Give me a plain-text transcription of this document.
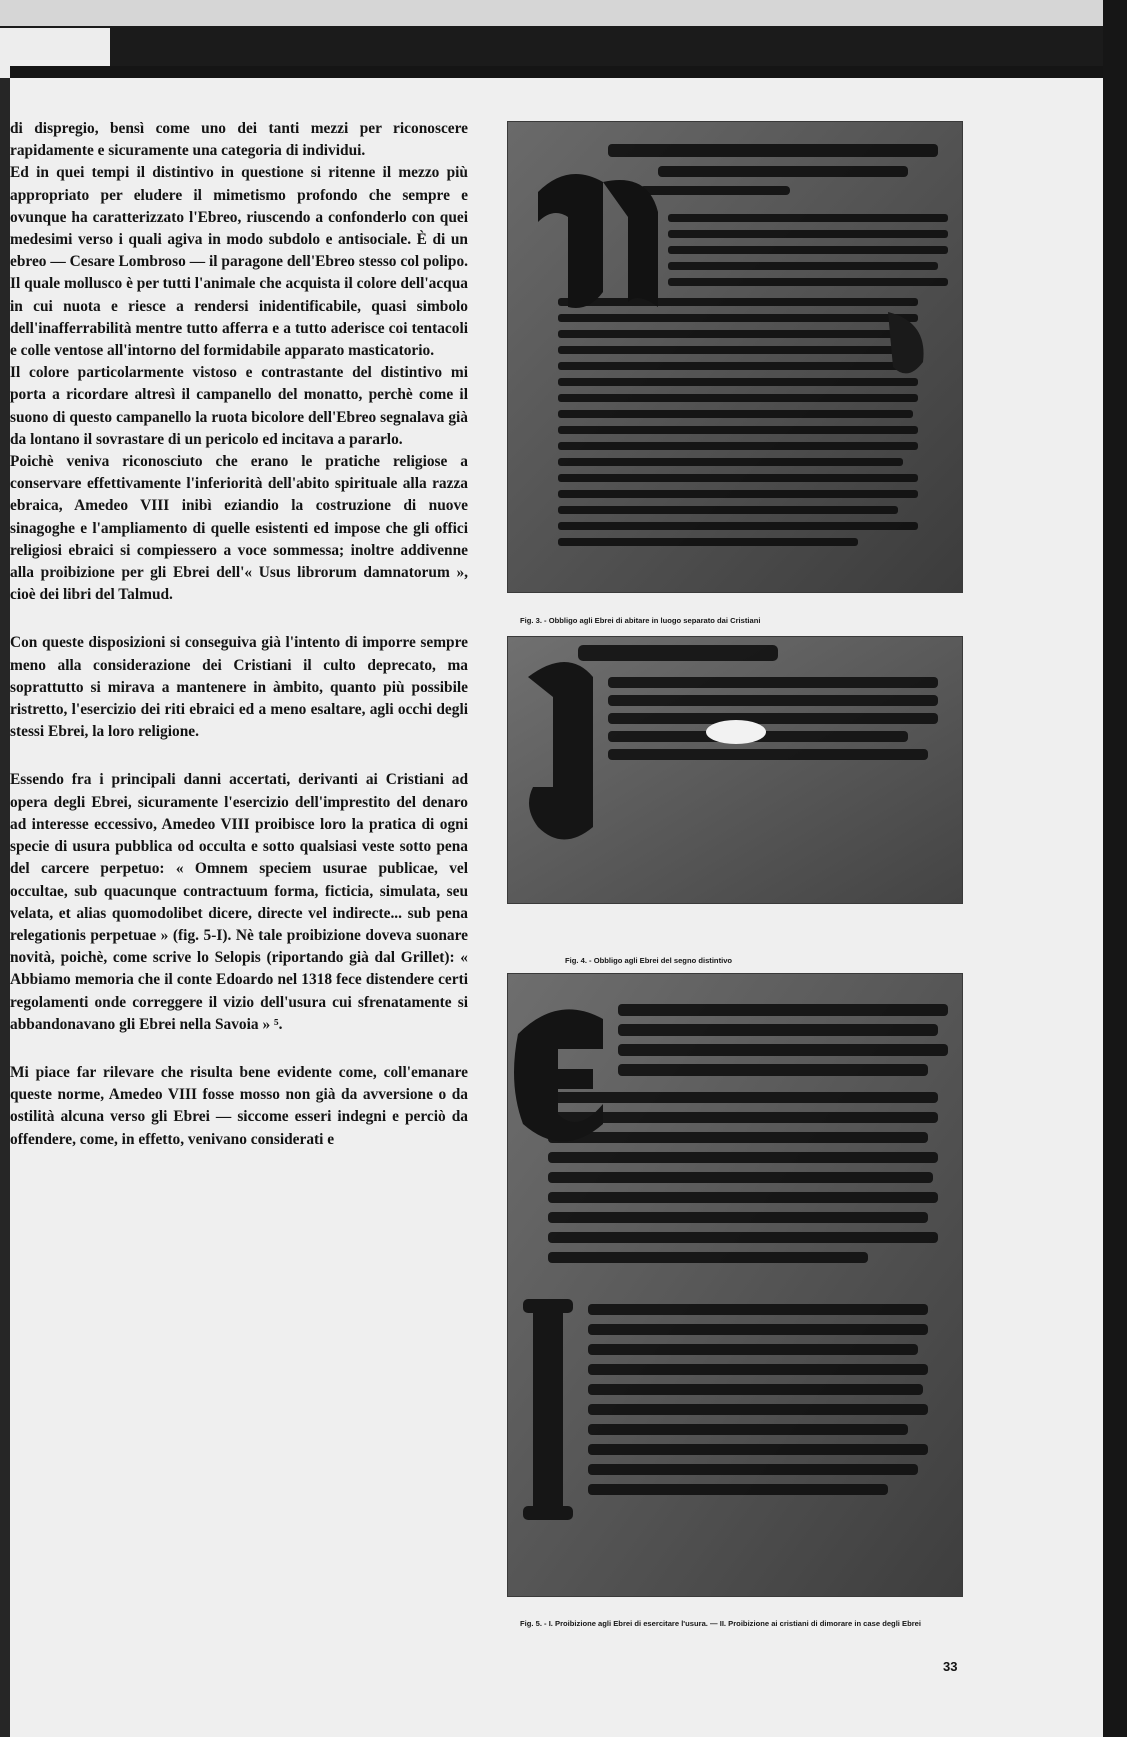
di dispregio, bensì come uno dei tanti mezzi per riconoscere rapidamente e sicuramente una categoria di individui.

Ed in quei tempi il distintivo in questione si ritenne il mezzo più appropriato per eludere il mimetismo profondo che sempre e ovunque ha caratterizzato l'Ebreo, riuscendo a confonderlo con quei medesimi verso i quali agiva in modo subdolo e antisociale. È di un ebreo — Cesare Lombroso — il paragone dell'Ebreo stesso col polipo. Il quale mollusco è per tutti l'animale che acquista il colore dell'acqua in cui nuota e riesce a rendersi inidentificabile, quasi simbolo dell'inafferrabilità mentre tutto afferra e a tutto aderisce coi tentacoli e colle ventose all'intorno del formidabile apparato masticatorio.

Il colore particolarmente vistoso e contrastante del distintivo mi porta a ricordare altresì il campanello del monatto, perchè come il suono di questo campanello la ruota bicolore dell'Ebreo segnalava già da lontano il sovrastare di un pericolo ed incitava a pararlo.

Poichè veniva riconosciuto che erano le pratiche religiose a conservare effettivamente l'inferiorità dell'abito spirituale alla razza ebraica, Amedeo VIII inibì eziandio la costruzione di nuove sinagoghe e l'ampliamento di quelle esistenti ed impose che gli offici religiosi ebraici si compiessero a voce sommessa; inoltre addivenne alla proibizione per gli Ebrei dell'« Usus librorum damnatorum », cioè dei libri del Talmud.

Con queste disposizioni si conseguiva già l'intento di imporre sempre meno alla considerazione dei Cristiani il culto deprecato, ma soprattutto si mirava a mantenere in àmbito, quanto più possibile ristretto, l'esercizio dei riti ebraici ed a meno esaltare, agli occhi degli stessi Ebrei, la loro religione.

Essendo fra i principali danni accertati, derivanti ai Cristiani ad opera degli Ebrei, sicuramente l'esercizio dell'imprestito del denaro ad interesse eccessivo, Amedeo VIII proibisce loro la pratica di ogni specie di usura pubblica od occulta e sotto qualsiasi veste sotto pena del carcere perpetuo: « Omnem speciem usurae publicae, vel occultae, sub quacunque contractuum forma, ficticia, simulata, seu velata, et alias quomodolibet dicere, directe vel indirecte... sub pena relegationis perpetuae » (fig. 5-I). Nè tale proibizione doveva suonare novità, poichè, come scrive lo Selopis (riportando già dal Grillet): « Abbiamo memoria che il conte Edoardo nel 1318 fece distendere certi regolamenti onde correggere il vizio dell'usura cui sfrenatamente si abbandonavano gli Ebrei nella Savoia » ⁵.

Mi piace far rilevare che risulta bene evidente come, coll'emanare queste norme, Amedeo VIII fosse mosso non già da avversione o da ostilità alcuna verso gli Ebrei — siccome esseri indegni e perciò da offendere, come, in effetto, venivano considerati e

Fig. 3. - Obbligo agli Ebrei di abitare in luogo separato dai Cristiani
Fig. 4. - Obbligo agli Ebrei del segno distintivo
Fig. 5. - I. Proibizione agli Ebrei di esercitare l'usura. — II. Proibizione ai cristiani di dimorare in case degli Ebrei
33
